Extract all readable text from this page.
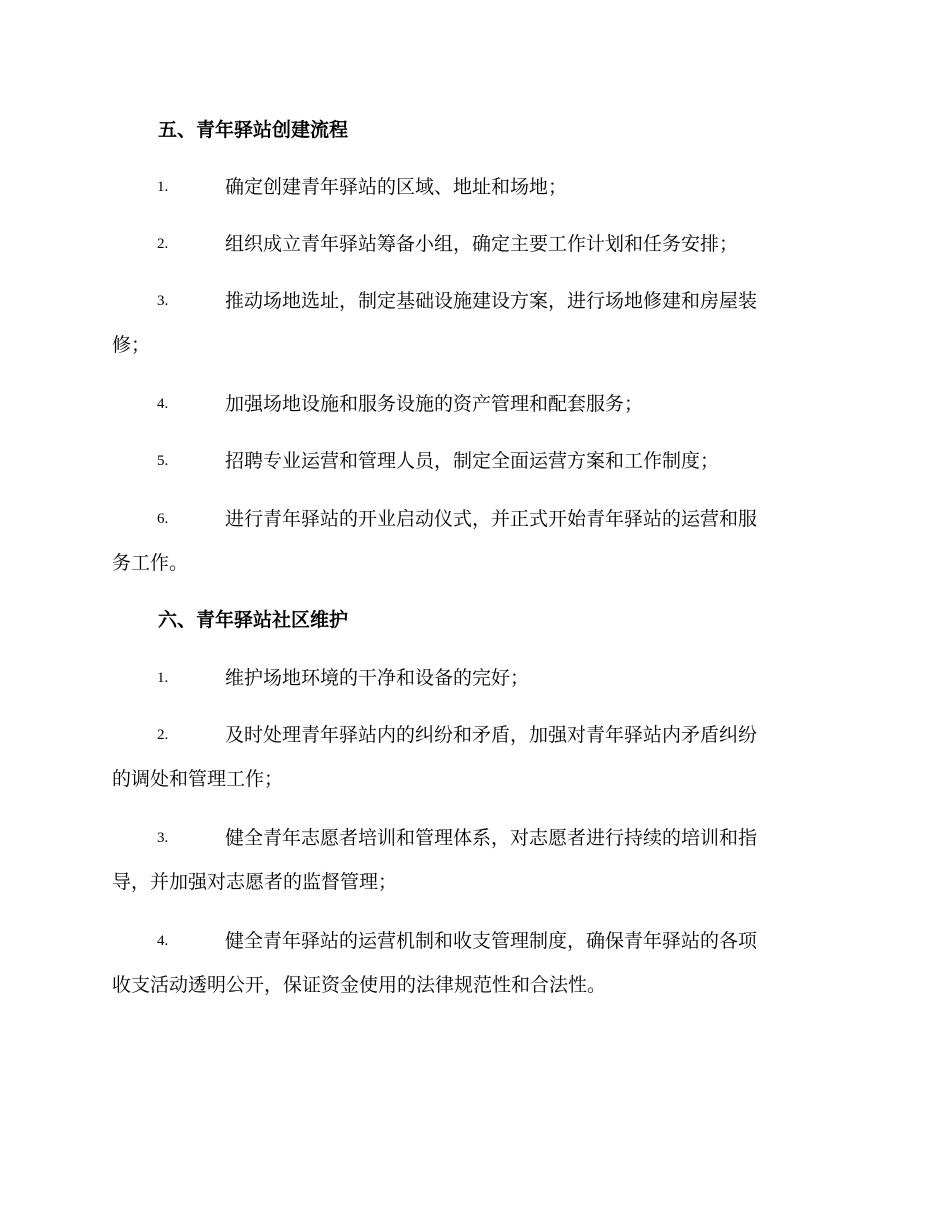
五、青年驿站创建流程
1.	确定创建青年驿站的区域、地址和场地；
2.	组织成立青年驿站筹备小组，确定主要工作计划和任务安排；
3.	推动场地选址，制定基础设施建设方案，进行场地修建和房屋装
修；
4.	加强场地设施和服务设施的资产管理和配套服务；
5.	招聘专业运营和管理人员，制定全面运营方案和工作制度；
6.	进行青年驿站的开业启动仪式，并正式开始青年驿站的运营和服
务工作。
六、青年驿站社区维护
1.	维护场地环境的干净和设备的完好；
2.	及时处理青年驿站内的纠纷和矛盾，加强对青年驿站内矛盾纠纷
的调处和管理工作；
3.	健全青年志愿者培训和管理体系，对志愿者进行持续的培训和指
导，并加强对志愿者的监督管理；
4.	健全青年驿站的运营机制和收支管理制度，确保青年驿站的各项
收支活动透明公开，保证资金使用的法律规范性和合法性。
